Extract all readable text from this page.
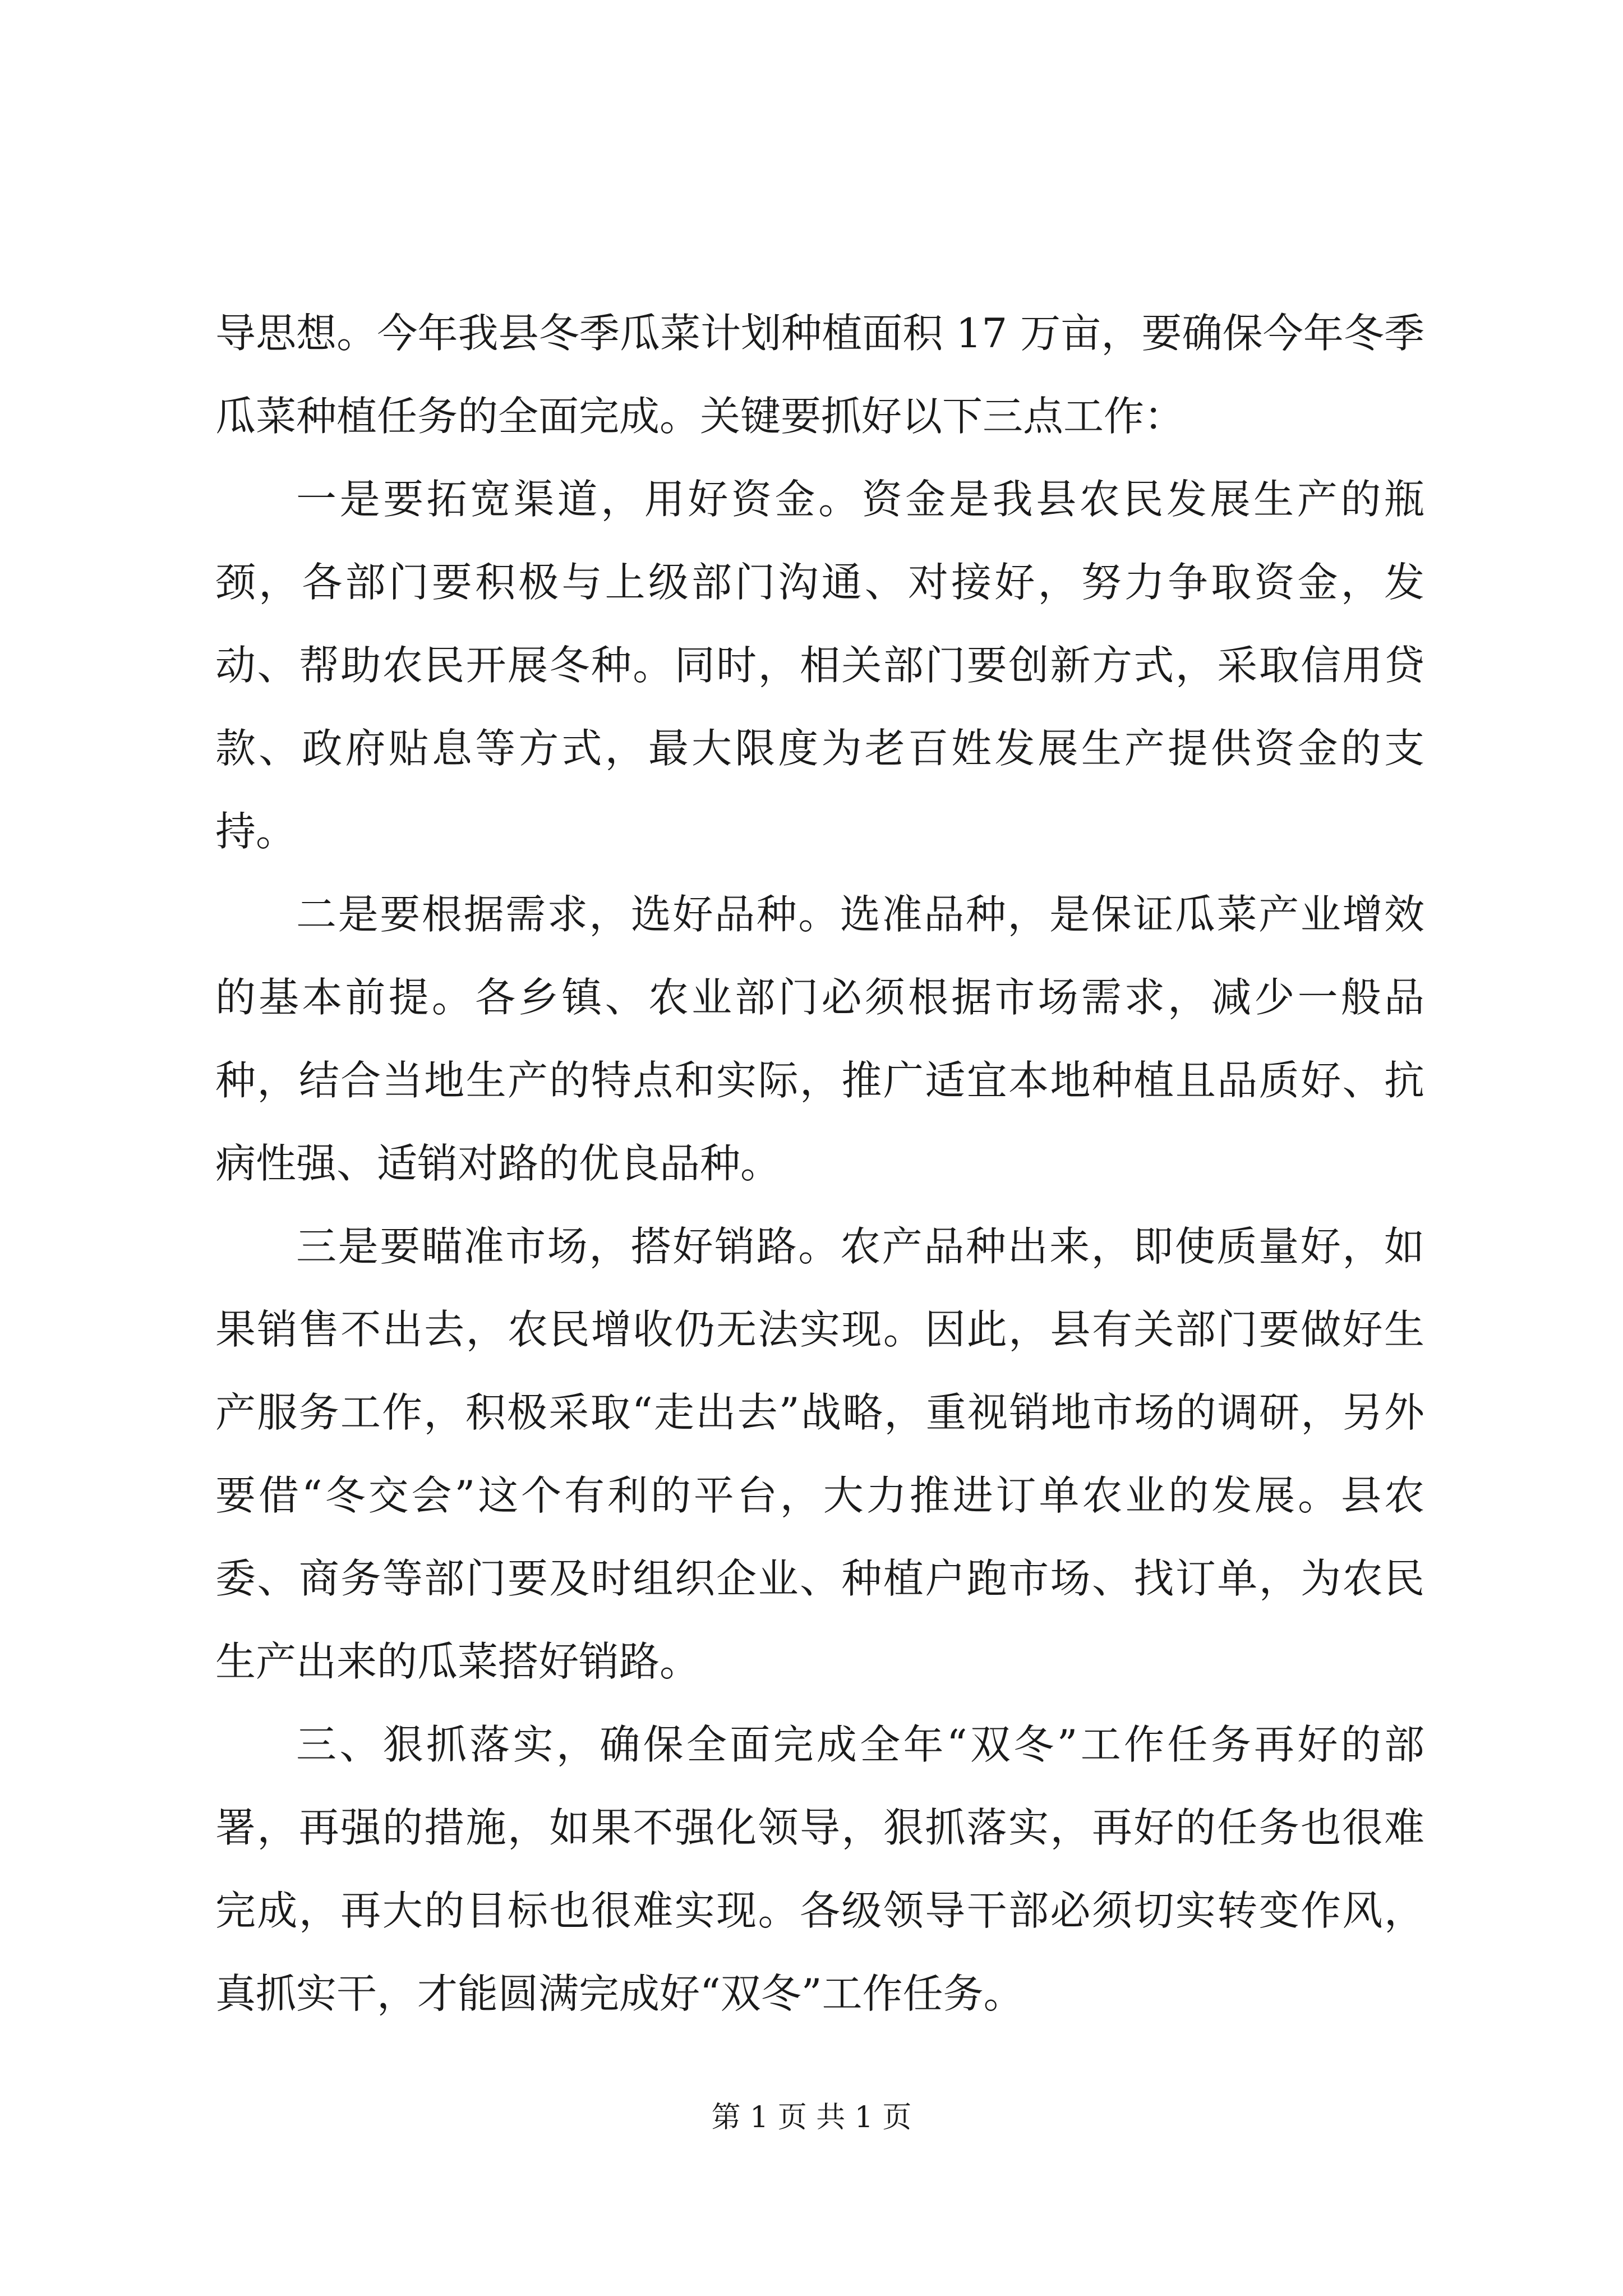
导思想。今年我县冬季瓜菜计划种植面积 17 万亩，要确保今年冬季瓜菜种植任务的全面完成。关键要抓好以下三点工作：

一是要拓宽渠道，用好资金。资金是我县农民发展生产的瓶颈，各部门要积极与上级部门沟通、对接好，努力争取资金，发动、帮助农民开展冬种。同时，相关部门要创新方式，采取信用贷款、政府贴息等方式，最大限度为老百姓发展生产提供资金的支持。

二是要根据需求，选好品种。选准品种，是保证瓜菜产业增效的基本前提。各乡镇、农业部门必须根据市场需求，减少一般品种，结合当地生产的特点和实际，推广适宜本地种植且品质好、抗病性强、适销对路的优良品种。

三是要瞄准市场，搭好销路。农产品种出来，即使质量好，如果销售不出去，农民增收仍无法实现。因此，县有关部门要做好生产服务工作，积极采取“走出去”战略，重视销地市场的调研，另外要借“冬交会”这个有利的平台，大力推进订单农业的发展。县农委、商务等部门要及时组织企业、种植户跑市场、找订单，为农民生产出来的瓜菜搭好销路。

三、狠抓落实，确保全面完成全年“双冬”工作任务再好的部署，再强的措施，如果不强化领导，狠抓落实，再好的任务也很难完成，再大的目标也很难实现。各级领导干部必须切实转变作风，真抓实干，才能圆满完成好“双冬”工作任务。

第 1 页 共 1 页
